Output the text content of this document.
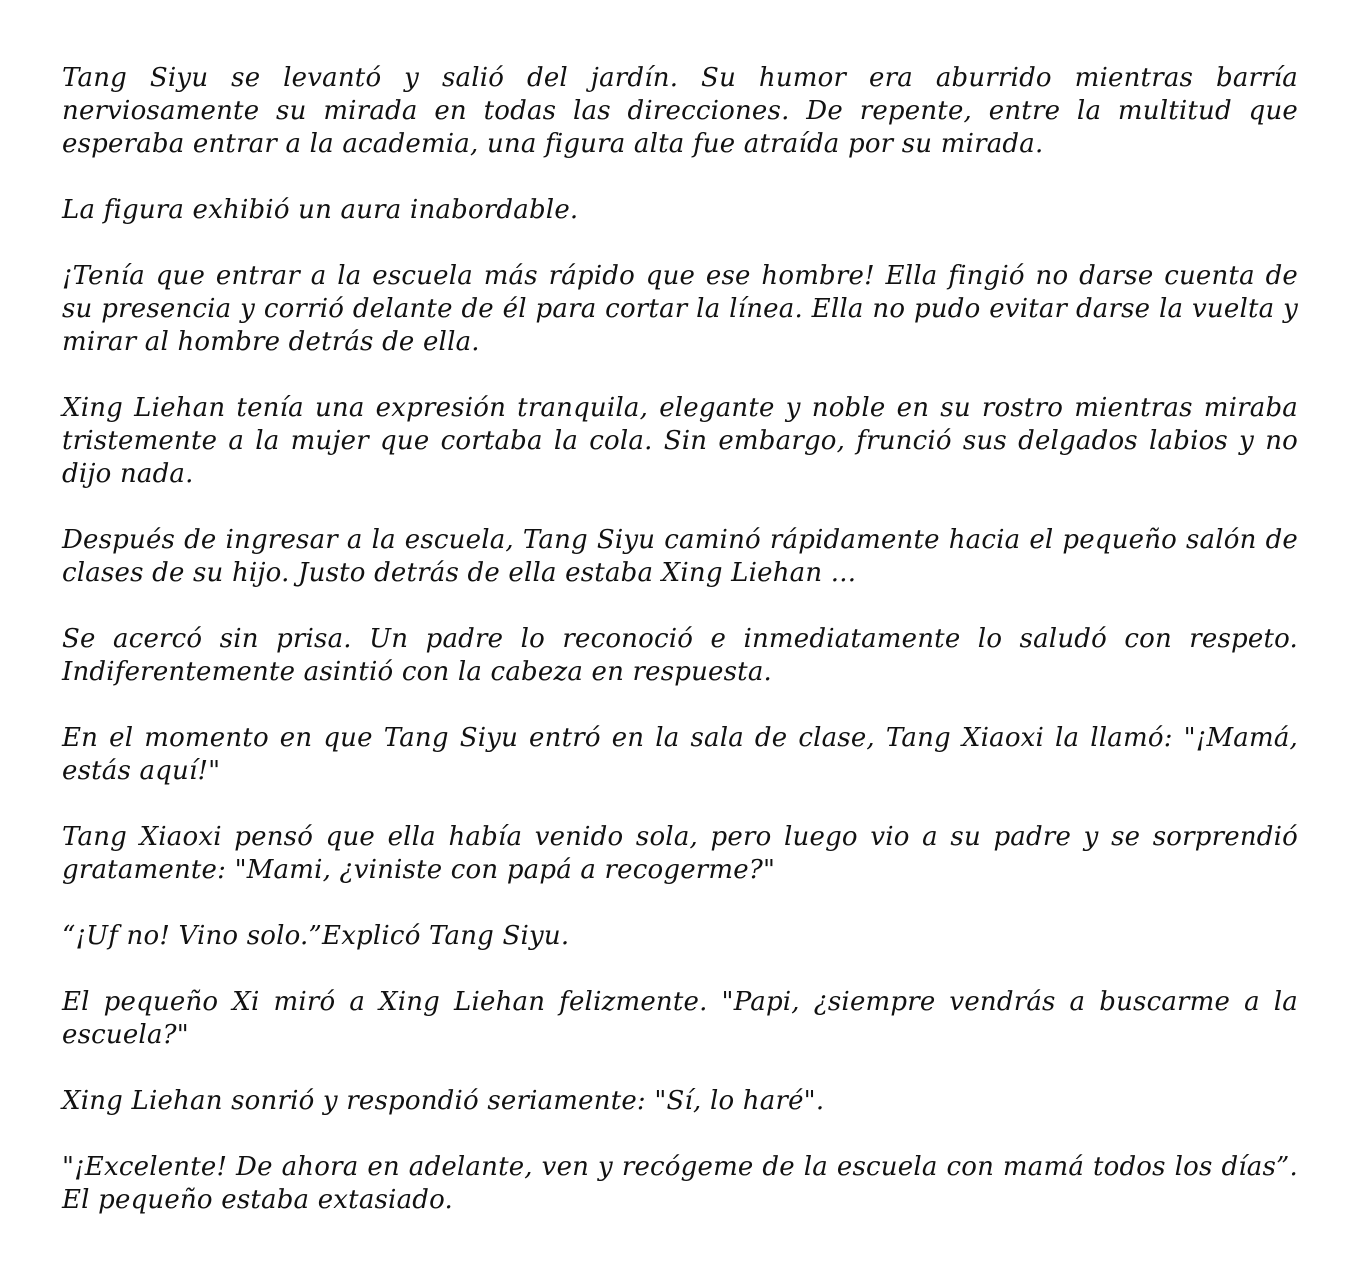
Tang Siyu se levantó y salió del jardín. Su humor era aburrido mientras barría nerviosamente su mirada en todas las direcciones. De repente, entre la multitud que esperaba entrar a la academia, una figura alta fue atraída por su mirada.

La figura exhibió un aura inabordable.

¡Tenía que entrar a la escuela más rápido que ese hombre! Ella fingió no darse cuenta de su presencia y corrió delante de él para cortar la línea. Ella no pudo evitar darse la vuelta y mirar al hombre detrás de ella.

Xing Liehan tenía una expresión tranquila, elegante y noble en su rostro mientras miraba tristemente a la mujer que cortaba la cola. Sin embargo, frunció sus delgados labios y no dijo nada.

Después de ingresar a la escuela, Tang Siyu caminó rápidamente hacia el pequeño salón de clases de su hijo. Justo detrás de ella estaba Xing Liehan ...

Se acercó sin prisa. Un padre lo reconoció e inmediatamente lo saludó con respeto. Indiferentemente asintió con la cabeza en respuesta.

En el momento en que Tang Siyu entró en la sala de clase, Tang Xiaoxi la llamó: "¡Mamá, estás aquí!"

Tang Xiaoxi pensó que ella había venido sola, pero luego vio a su padre y se sorprendió gratamente: "Mami, ¿viniste con papá a recogerme?"

“¡Uf no! Vino solo.”Explicó Tang Siyu.

El pequeño Xi miró a Xing Liehan felizmente. "Papi, ¿siempre vendrás a buscarme a la escuela?"

Xing Liehan sonrió y respondió seriamente: "Sí, lo haré".

"¡Excelente! De ahora en adelante, ven y recógeme de la escuela con mamá todos los días”. El pequeño estaba extasiado.
